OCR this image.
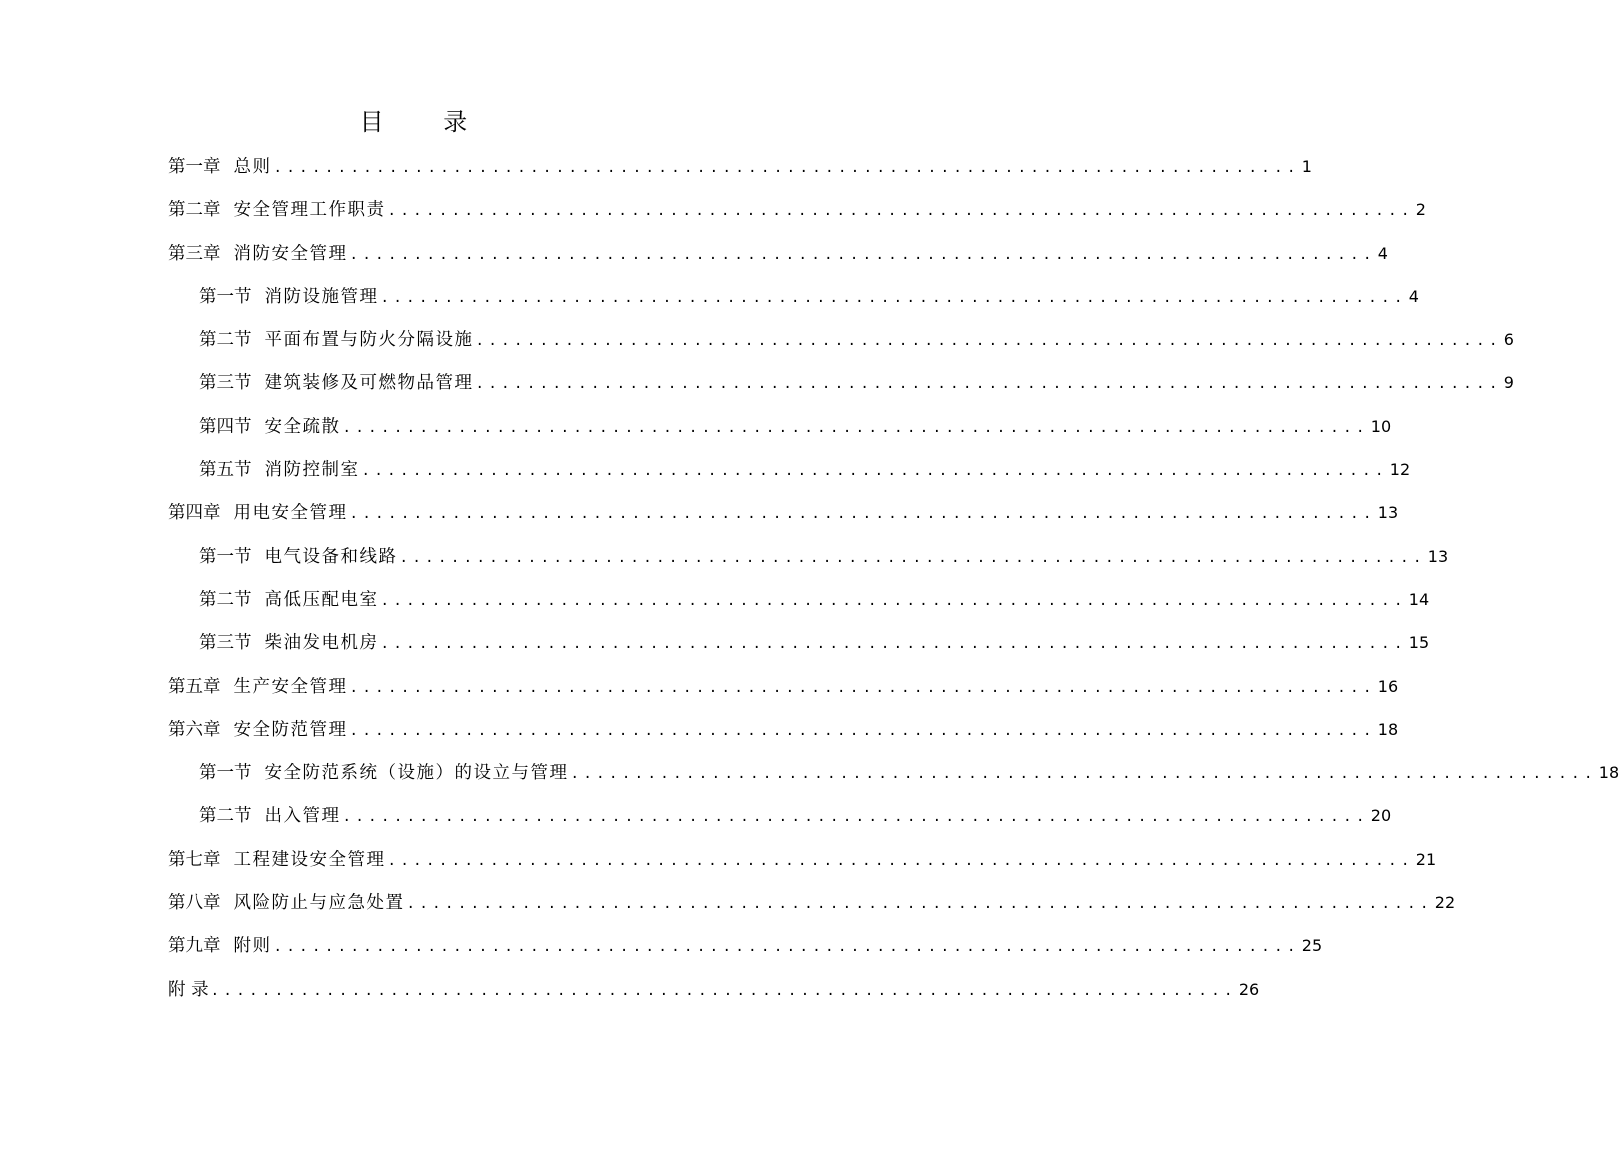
目 录
第一章 总则 ................................................................................ 1
第二章 安全管理工作职责 ................................................................................ 2
第三章 消防安全管理 ................................................................................ 4
第一节 消防设施管理 ................................................................................ 4
第二节 平面布置与防火分隔设施 ................................................................................ 6
第三节 建筑装修及可燃物品管理 ................................................................................ 9
第四节 安全疏散 ................................................................................ 10
第五节 消防控制室 ................................................................................ 12
第四章 用电安全管理 ................................................................................ 13
第一节 电气设备和线路 ................................................................................ 13
第二节 高低压配电室 ................................................................................ 14
第三节 柴油发电机房 ................................................................................ 15
第五章 生产安全管理 ................................................................................ 16
第六章 安全防范管理 ................................................................................ 18
第一节 安全防范系统（设施）的设立与管理 ................................................................................ 18
第二节 出入管理 ................................................................................ 20
第七章 工程建设安全管理 ................................................................................ 21
第八章 风险防止与应急处置 ................................................................................ 22
第九章 附则 ................................................................................ 25
附 录 ................................................................................ 26
